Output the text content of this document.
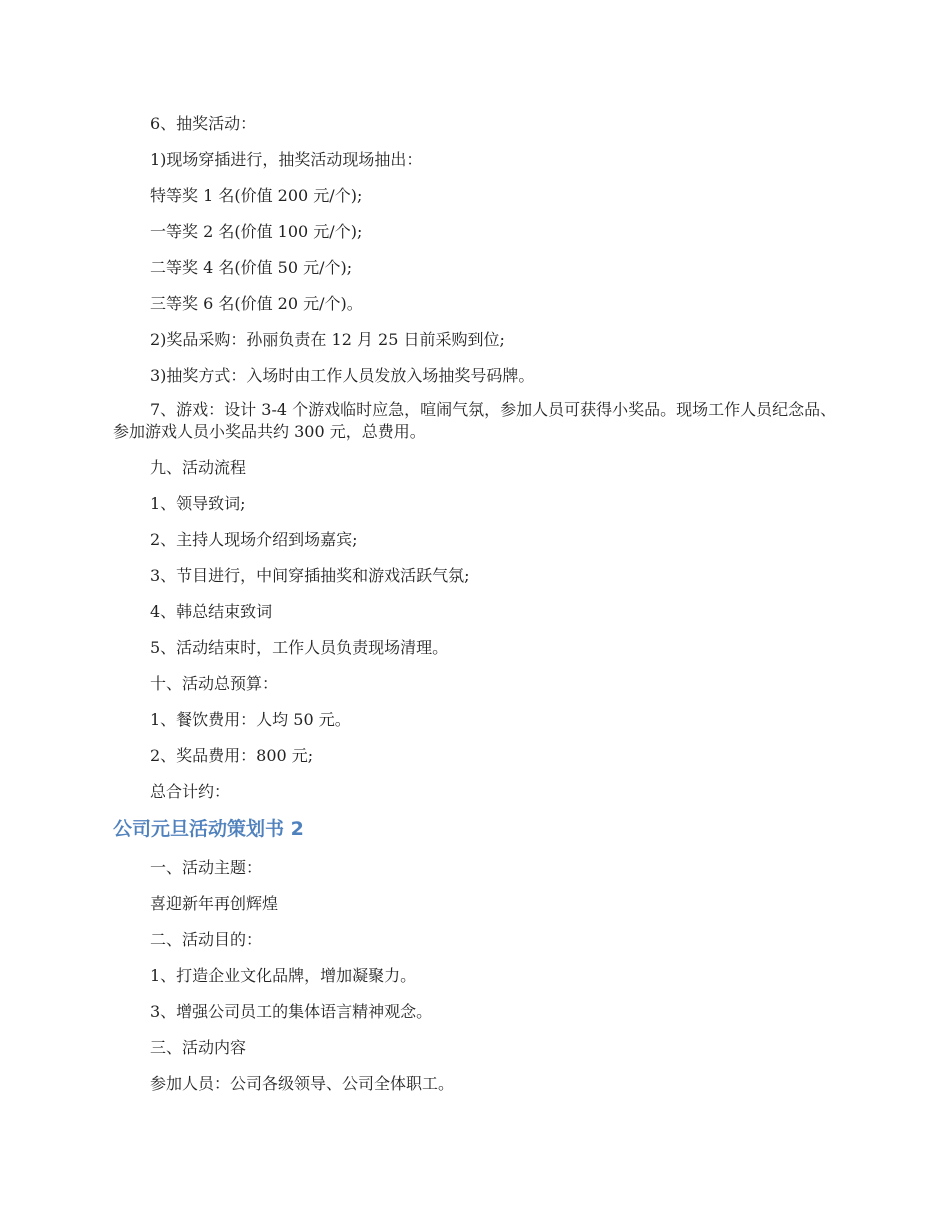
6、抽奖活动：
1)现场穿插进行，抽奖活动现场抽出：
特等奖 1 名(价值 200 元/个);
一等奖 2 名(价值 100 元/个);
二等奖 4 名(价值 50 元/个);
三等奖 6 名(价值 20 元/个)。
2)奖品采购：孙丽负责在 12 月 25 日前采购到位;
3)抽奖方式：入场时由工作人员发放入场抽奖号码牌。
7、游戏：设计 3-4 个游戏临时应急，喧闹气氛，参加人员可获得小奖品。现场工作人员纪念品、参加游戏人员小奖品共约 300 元，总费用。
九、活动流程
1、领导致词;
2、主持人现场介绍到场嘉宾;
3、节目进行，中间穿插抽奖和游戏活跃气氛;
4、韩总结束致词
5、活动结束时，工作人员负责现场清理。
十、活动总预算：
1、餐饮费用：人均 50 元。
2、奖品费用：800 元;
总合计约：
公司元旦活动策划书 2
一、活动主题：
喜迎新年再创辉煌
二、活动目的：
1、打造企业文化品牌，增加凝聚力。
3、增强公司员工的集体语言精神观念。
三、活动内容
参加人员：公司各级领导、公司全体职工。
